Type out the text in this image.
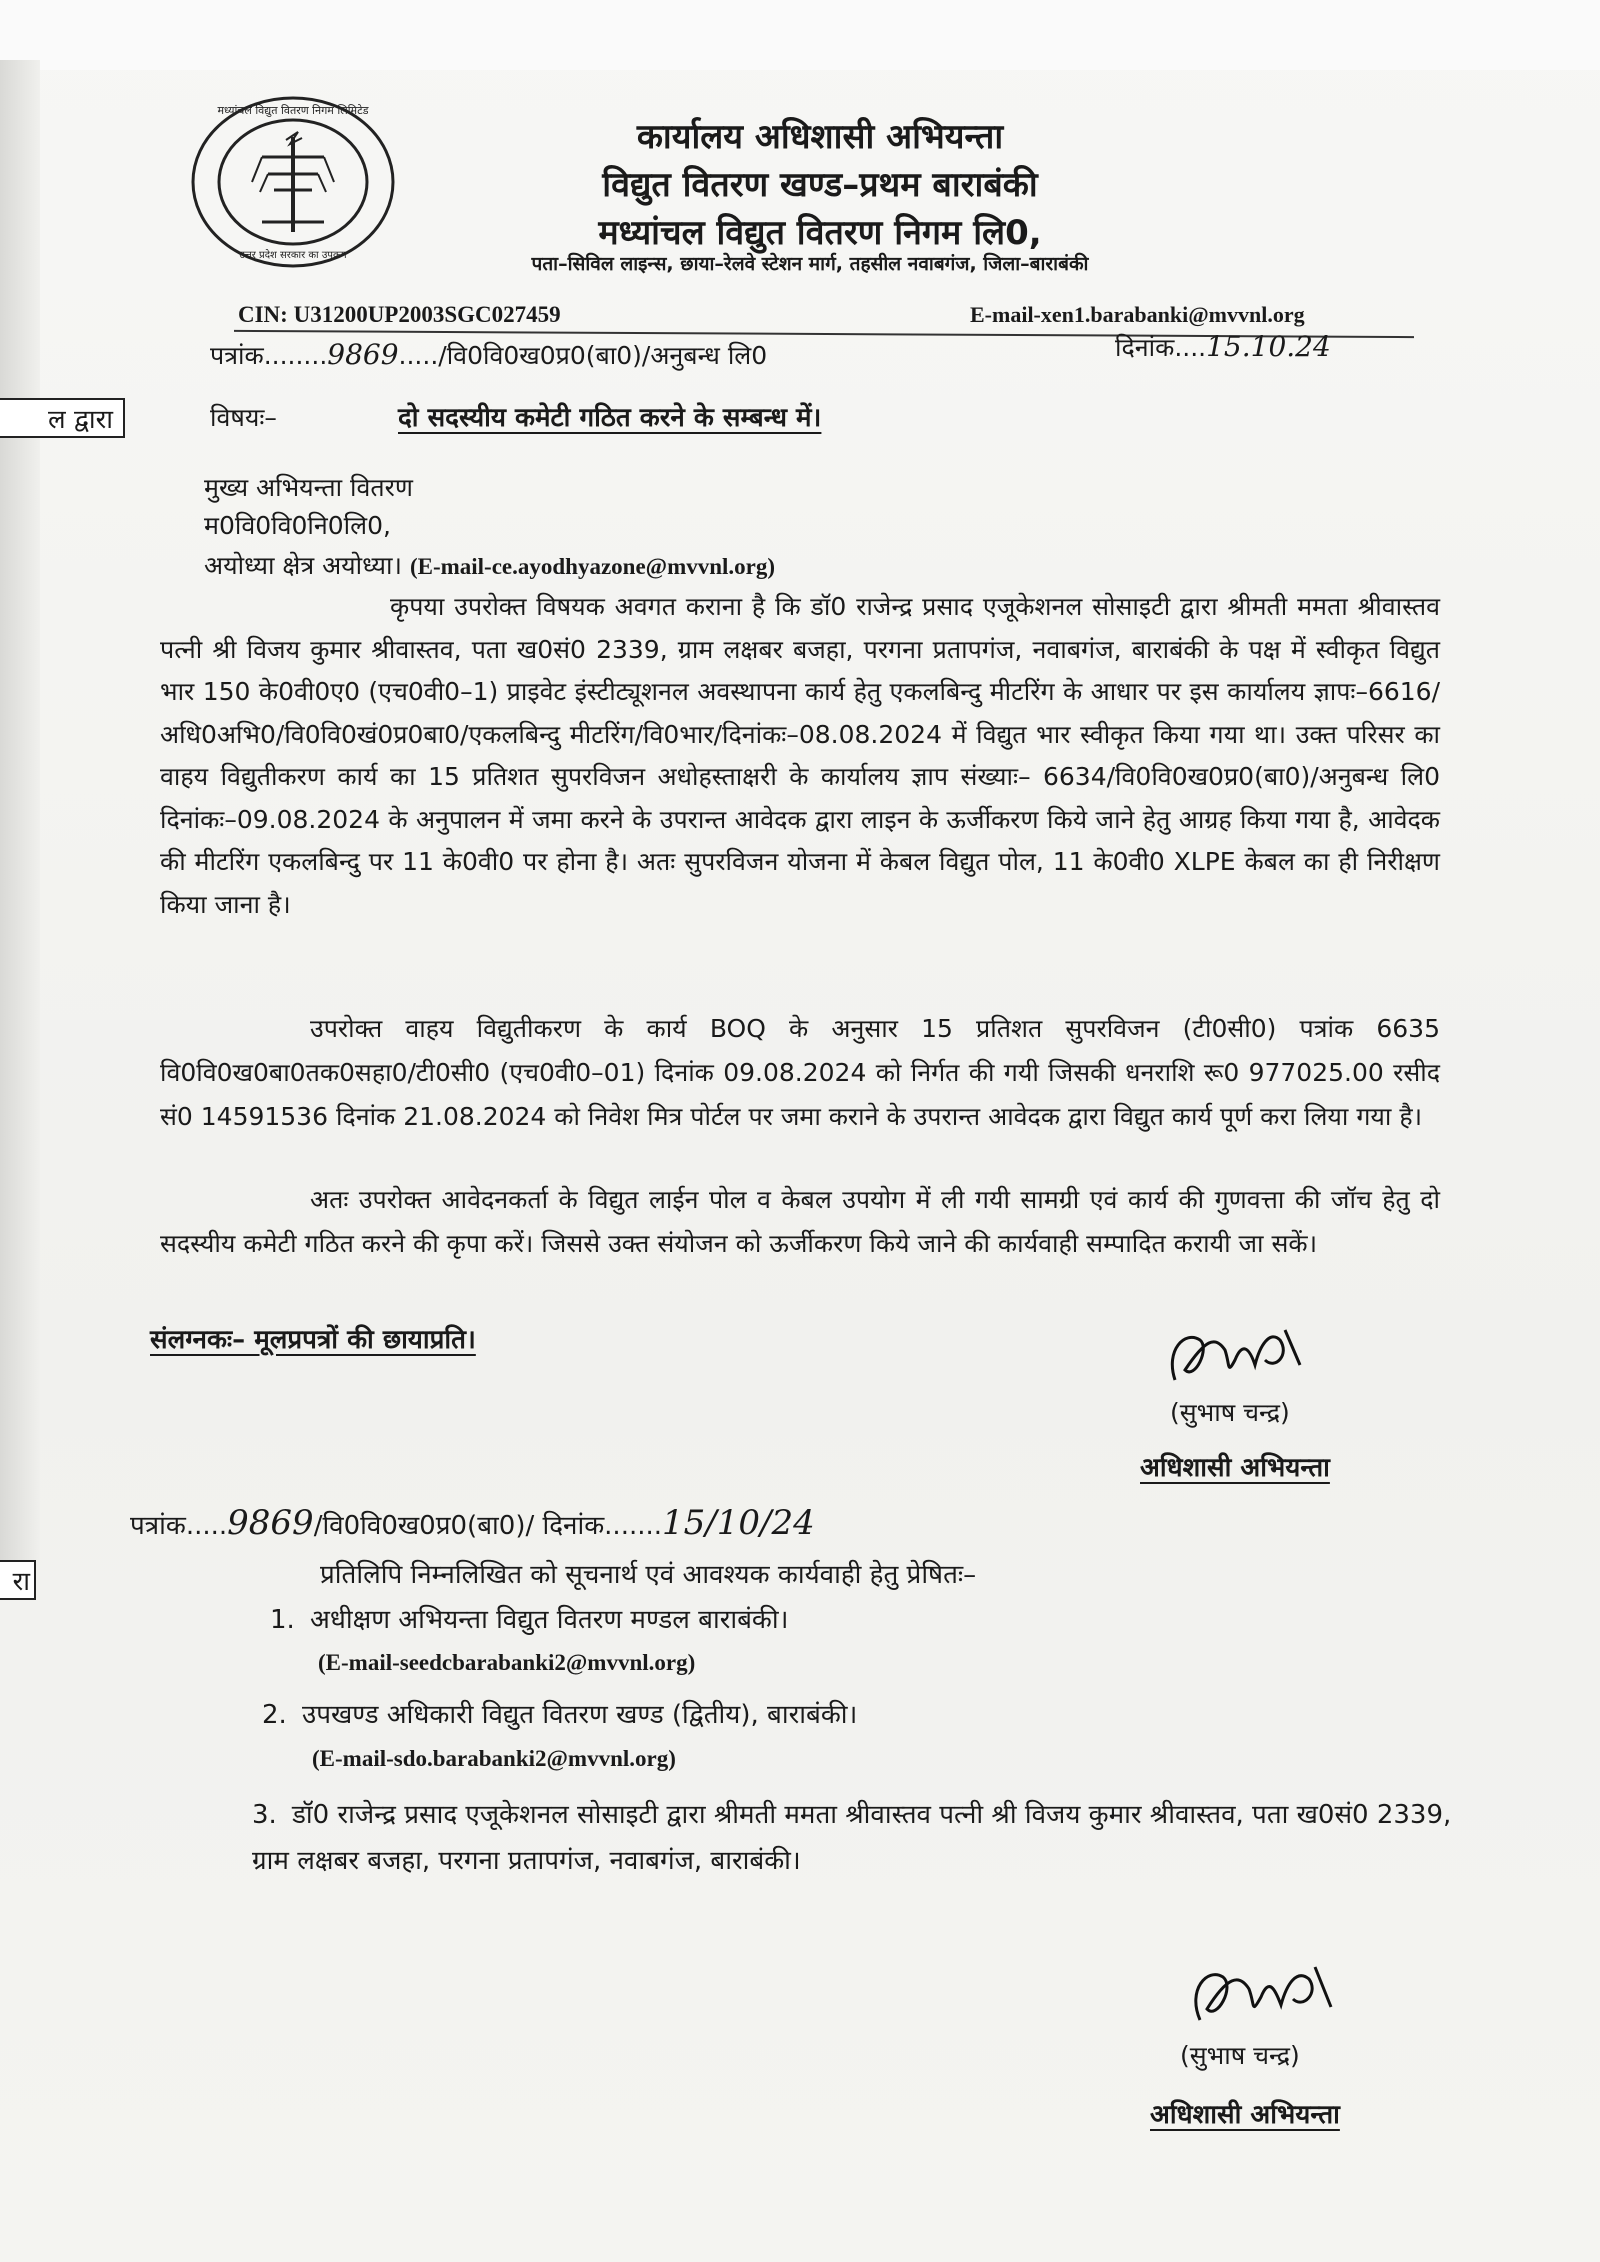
ल द्वारा
रा
मध्यांचल विद्युत वितरण निगम लिमिटेड
उत्तर प्रदेश सरकार का उपक्रम
कार्यालय अधिशासी अभियन्ता
विद्युत वितरण खण्ड–प्रथम बाराबंकी
मध्यांचल विद्युत वितरण निगम लि0,
पता–सिविल लाइन्स, छाया–रेलवे स्टेशन मार्ग, तहसील नवाबगंज, जिला–बाराबंकी
CIN: U31200UP2003SGC027459	E-mail-xen1.barabanki@mvvnl.org
पत्रांक........9869...../वि0वि0ख0प्र0(बा0)/अनुबन्ध लि0	दिनांक....15.10.24
विषयः–	दो सदस्यीय कमेटी गठित करने के सम्बन्ध में।
मुख्य अभियन्ता वितरण
म0वि0वि0नि0लि0,
अयोध्या क्षेत्र अयोध्या। (E-mail-ce.ayodhyazone@mvvnl.org)
कृपया उपरोक्त विषयक अवगत कराना है कि डॉ0 राजेन्द्र प्रसाद एजूकेशनल सोसाइटी द्वारा श्रीमती ममता श्रीवास्तव पत्नी श्री विजय कुमार श्रीवास्तव, पता ख0सं0 2339, ग्राम लक्षबर बजहा, परगना प्रतापगंज, नवाबगंज, बाराबंकी के पक्ष में स्वीकृत विद्युत भार 150 के0वी0ए0 (एच0वी0–1) प्राइवेट इंस्टीट्यूशनल अवस्थापना कार्य हेतु एकलबिन्दु मीटरिंग के आधार पर इस कार्यालय ज्ञापः–6616/अधि0अभि0/वि0वि0खं0प्र0बा0/एकलबिन्दु मीटरिंग/वि0भार/दिनांकः–08.08.2024 में विद्युत भार स्वीकृत किया गया था। उक्त परिसर का वाहय विद्युतीकरण कार्य का 15 प्रतिशत सुपरविजन अधोहस्ताक्षरी के कार्यालय ज्ञाप संख्याः– 6634/वि0वि0ख0प्र0(बा0)/अनुबन्ध लि0 दिनांकः–09.08.2024 के अनुपालन में जमा करने के उपरान्त आवेदक द्वारा लाइन के ऊर्जीकरण किये जाने हेतु आग्रह किया गया है, आवेदक की मीटरिंग एकलबिन्दु पर 11 के0वी0 पर होना है। अतः सुपरविजन योजना में केबल विद्युत पोल, 11 के0वी0 XLPE केबल का ही निरीक्षण किया जाना है।
उपरोक्त वाहय विद्युतीकरण के कार्य BOQ के अनुसार 15 प्रतिशत सुपरविजन (टी0सी0) पत्रांक 6635 वि0वि0ख0बा0तक0सहा0/टी0सी0 (एच0वी0–01) दिनांक 09.08.2024 को निर्गत की गयी जिसकी धनराशि रू0 977025.00 रसीद सं0 14591536 दिनांक 21.08.2024 को निवेश मित्र पोर्टल पर जमा कराने के उपरान्त आवेदक द्वारा विद्युत कार्य पूर्ण करा लिया गया है।
अतः उपरोक्त आवेदनकर्ता के विद्युत लाईन पोल व केबल उपयोग में ली गयी सामग्री एवं कार्य की गुणवत्ता की जॉच हेतु दो सदस्यीय कमेटी गठित करने की कृपा करें। जिससे उक्त संयोजन को ऊर्जीकरण किये जाने की कार्यवाही सम्पादित करायी जा सकें।
संलग्नकः– मूलप्रपत्रों की छायाप्रति।
(सुभाष चन्द्र)
अधिशासी अभियन्ता
पत्रांक.....9869/वि0वि0ख0प्र0(बा0)/ दिनांक.......15/10/24
प्रतिलिपि निम्नलिखित को सूचनार्थ एवं आवश्यक कार्यवाही हेतु प्रेषितः–
1. अधीक्षण अभियन्ता विद्युत वितरण मण्डल बाराबंकी।
(E-mail-seedcbarabanki2@mvvnl.org)
2. उपखण्ड अधिकारी विद्युत वितरण खण्ड (द्वितीय), बाराबंकी।
(E-mail-sdo.barabanki2@mvvnl.org)
3. डॉ0 राजेन्द्र प्रसाद एजूकेशनल सोसाइटी द्वारा श्रीमती ममता श्रीवास्तव पत्नी श्री विजय कुमार श्रीवास्तव, पता ख0सं0 2339, ग्राम लक्षबर बजहा, परगना प्रतापगंज, नवाबगंज, बाराबंकी।
(सुभाष चन्द्र)
अधिशासी अभियन्ता
